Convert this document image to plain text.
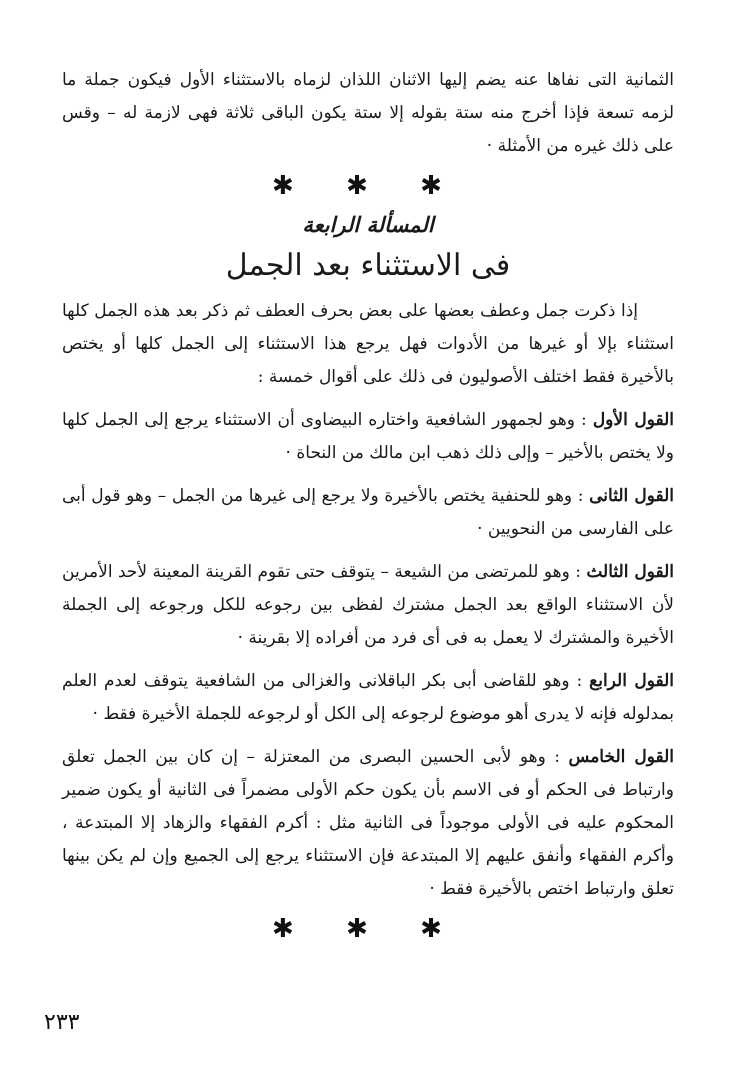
الثمانية التى نفاها عنه يضم إليها الاثنان اللذان لزماه بالاستثناء الأول فيكون جملة ما لزمه تسعة فإذا أخرج منه ستة بقوله إلا ستة يكون الباقى ثلاثة فهى لازمة له – وقس على ذلك غيره من الأمثلة ·

✱ ✱ ✱
المسألة الرابعة
فى الاستثناء بعد الجمل

إذا ذكرت جمل وعطف بعضها على بعض بحرف العطف ثم ذكر بعد هذه الجمل كلها استثناء بإلا أو غيرها من الأدوات فهل يرجع هذا الاستثناء إلى الجمل كلها أو يختص بالأخيرة فقط اختلف الأصوليون فى ذلك على أقوال خمسة :

القول الأول : وهو لجمهور الشافعية واختاره البيضاوى أن الاستثناء يرجع إلى الجمل كلها ولا يختص بالأخير – وإلى ذلك ذهب ابن مالك من النحاة ·

القول الثانى : وهو للحنفية يختص بالأخيرة ولا يرجع إلى غيرها من الجمل – وهو قول أبى على الفارسى من النحويين ·

القول الثالث : وهو للمرتضى من الشيعة – يتوقف حتى تقوم القرينة المعينة لأحد الأمرين لأن الاستثناء الواقع بعد الجمل مشترك لفظى بين رجوعه للكل ورجوعه إلى الجملة الأخيرة والمشترك لا يعمل به فى أى فرد من أفراده إلا بقرينة ·

القول الرابع : وهو للقاضى أبى بكر الباقلانى والغزالى من الشافعية يتوقف لعدم العلم بمدلوله فإنه لا يدرى أهو موضوع لرجوعه إلى الكل أو لرجوعه للجملة الأخيرة فقط ·

القول الخامس : وهو لأبى الحسين البصرى من المعتزلة – إن كان بين الجمل تعلق وارتباط فى الحكم أو فى الاسم بأن يكون حكم الأولى مضمراً فى الثانية أو يكون ضمير المحكوم عليه فى الأولى موجوداً فى الثانية مثل : أكرم الفقهاء والزهاد إلا المبتدعة ، وأكرم الفقهاء وأنفق عليهم إلا المبتدعة فإن الاستثناء يرجع إلى الجميع وإن لم يكن بينها تعلق وارتباط اختص بالأخيرة فقط ·

✱ ✱ ✱
٢٣٣
